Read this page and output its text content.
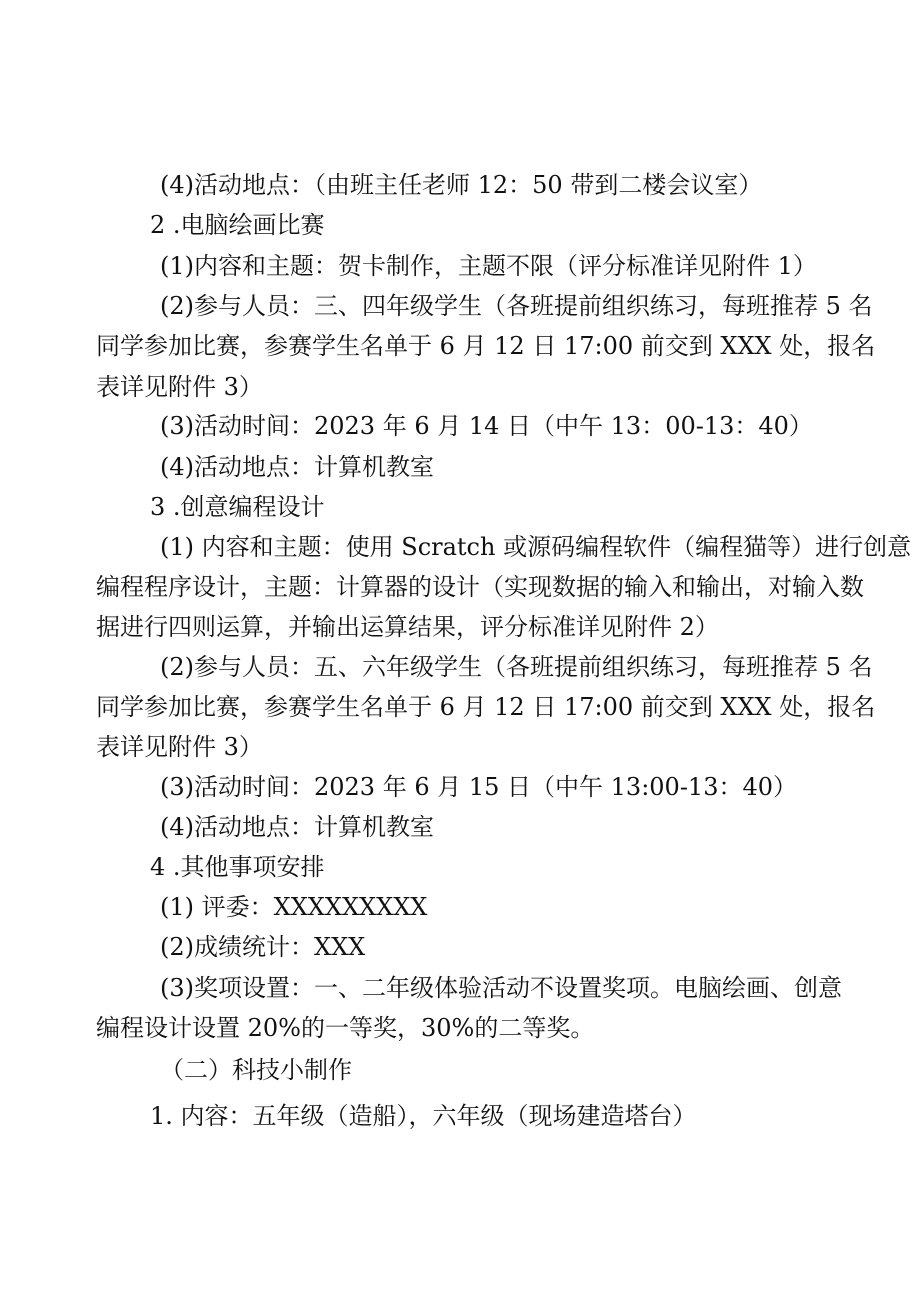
(4)活动地点：（由班主任老师 12：50 带到二楼会议室）
2 .电脑绘画比赛
(1)内容和主题：贺卡制作，主题不限（评分标准详见附件 1）
(2)参与人员：三、四年级学生（各班提前组织练习，每班推荐 5 名
同学参加比赛，参赛学生名单于 6 月 12 日 17:00 前交到 XXX 处，报名
表详见附件 3）
(3)活动时间：2023 年 6 月 14 日（中午 13：00-13：40）
(4)活动地点：计算机教室
3 .创意编程设计
(1) 内容和主题：使用 Scratch 或源码编程软件（编程猫等）进行创意
编程程序设计，主题：计算器的设计（实现数据的输入和输出，对输入数
据进行四则运算，并输出运算结果，评分标准详见附件 2）
(2)参与人员：五、六年级学生（各班提前组织练习，每班推荐 5 名
同学参加比赛，参赛学生名单于 6 月 12 日 17:00 前交到 XXX 处，报名
表详见附件 3）
(3)活动时间：2023 年 6 月 15 日（中午 13:00-13：40）
(4)活动地点：计算机教室
4 .其他事项安排
(1) 评委：XXXXXXXXX
(2)成绩统计：XXX
(3)奖项设置：一、二年级体验活动不设置奖项。电脑绘画、创意
编程设计设置 20%的一等奖，30%的二等奖。
（二）科技小制作
1. 内容：五年级（造船），六年级（现场建造塔台）
